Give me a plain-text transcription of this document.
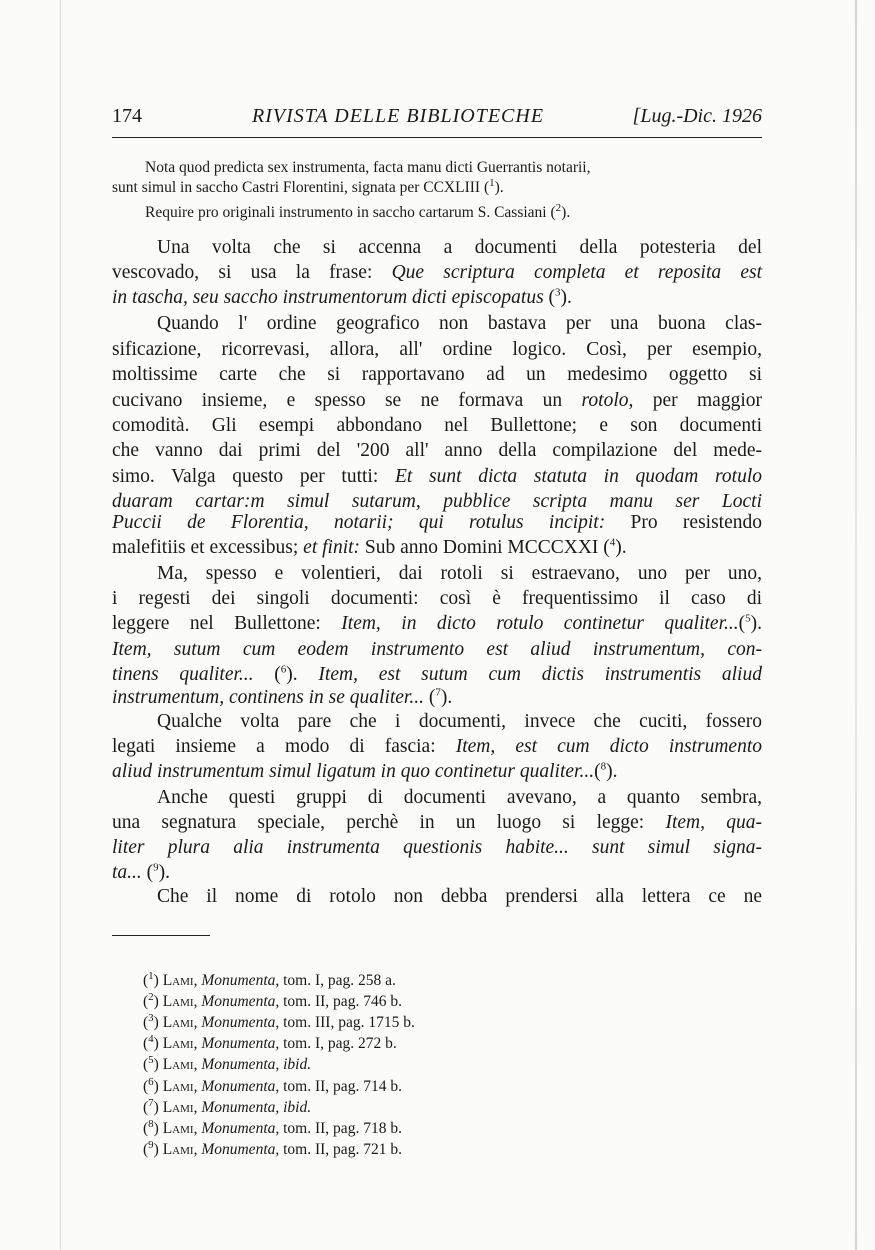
174	RIVISTA DELLE BIBLIOTECHE	[Lug.-Dic. 1926
Nota quod predicta sex instrumenta, facta manu dicti Guerrantis notarii,
sunt simul in saccho Castri Florentini, signata per CCXLIII ($^1$).
Require pro originali instrumento in saccho cartarum S. Cassiani ($^2$).
Una volta che si accenna a documenti della potesteria del
vescovado, si usa la frase: Que scriptura completa et reposita est
in tascha, seu saccho instrumentorum dicti episcopatus ($^3$).
Quando l' ordine geografico non bastava per una buona clas-
sificazione, ricorrevasi, allora, all' ordine logico. Così, per esempio,
moltissime carte che si rapportavano ad un medesimo oggetto si
cucivano insieme, e spesso se ne formava un rotolo, per maggior
comodità. Gli esempi abbondano nel Bullettone; e son documenti
che vanno dai primi del '200 all' anno della compilazione del mede-
simo. Valga questo per tutti: Et sunt dicta statuta in quodam rotulo
duaram cartar:m simul sutarum, pubblice scripta manu ser Locti
Puccii de Florentia, notarii; qui rotulus incipit: Pro resistendo
malefitiis et excessibus; et finit: Sub anno Domini MCCCXXI ($^4$).
Ma, spesso e volentieri, dai rotoli si estraevano, uno per uno,
i regesti dei singoli documenti: così è frequentissimo il caso di
leggere nel Bullettone: Item, in dicto rotulo continetur qualiter...($^5$).
Item, sutum cum eodem instrumento est aliud instrumentum, con-
tinens qualiter... ($^6$). Item, est sutum cum dictis instrumentis aliud
instrumentum, continens in se qualiter... ($^7$).
Qualche volta pare che i documenti, invece che cuciti, fossero
legati insieme a modo di fascia: Item, est cum dicto instrumento
aliud instrumentum simul ligatum in quo continetur qualiter...($^8$).
Anche questi gruppi di documenti avevano, a quanto sembra,
una segnatura speciale, perchè in un luogo si legge: Item, qua-
liter plura alia instrumenta questionis habite... sunt simul signa-
ta... ($^9$).
Che il nome di rotolo non debba prendersi alla lettera ce ne
($^1$) Lami, Monumenta, tom. I, pag. 258 a.
($^2$) Lami, Monumenta, tom. II, pag. 746 b.
($^3$) Lami, Monumenta, tom. III, pag. 1715 b.
($^4$) Lami, Monumenta, tom. I, pag. 272 b.
($^5$) Lami, Monumenta, ibid.
($^6$) Lami, Monumenta, tom. II, pag. 714 b.
($^7$) Lami, Monumenta, ibid.
($^8$) Lami, Monumenta, tom. II, pag. 718 b.
($^9$) Lami, Monumenta, tom. II, pag. 721 b.
